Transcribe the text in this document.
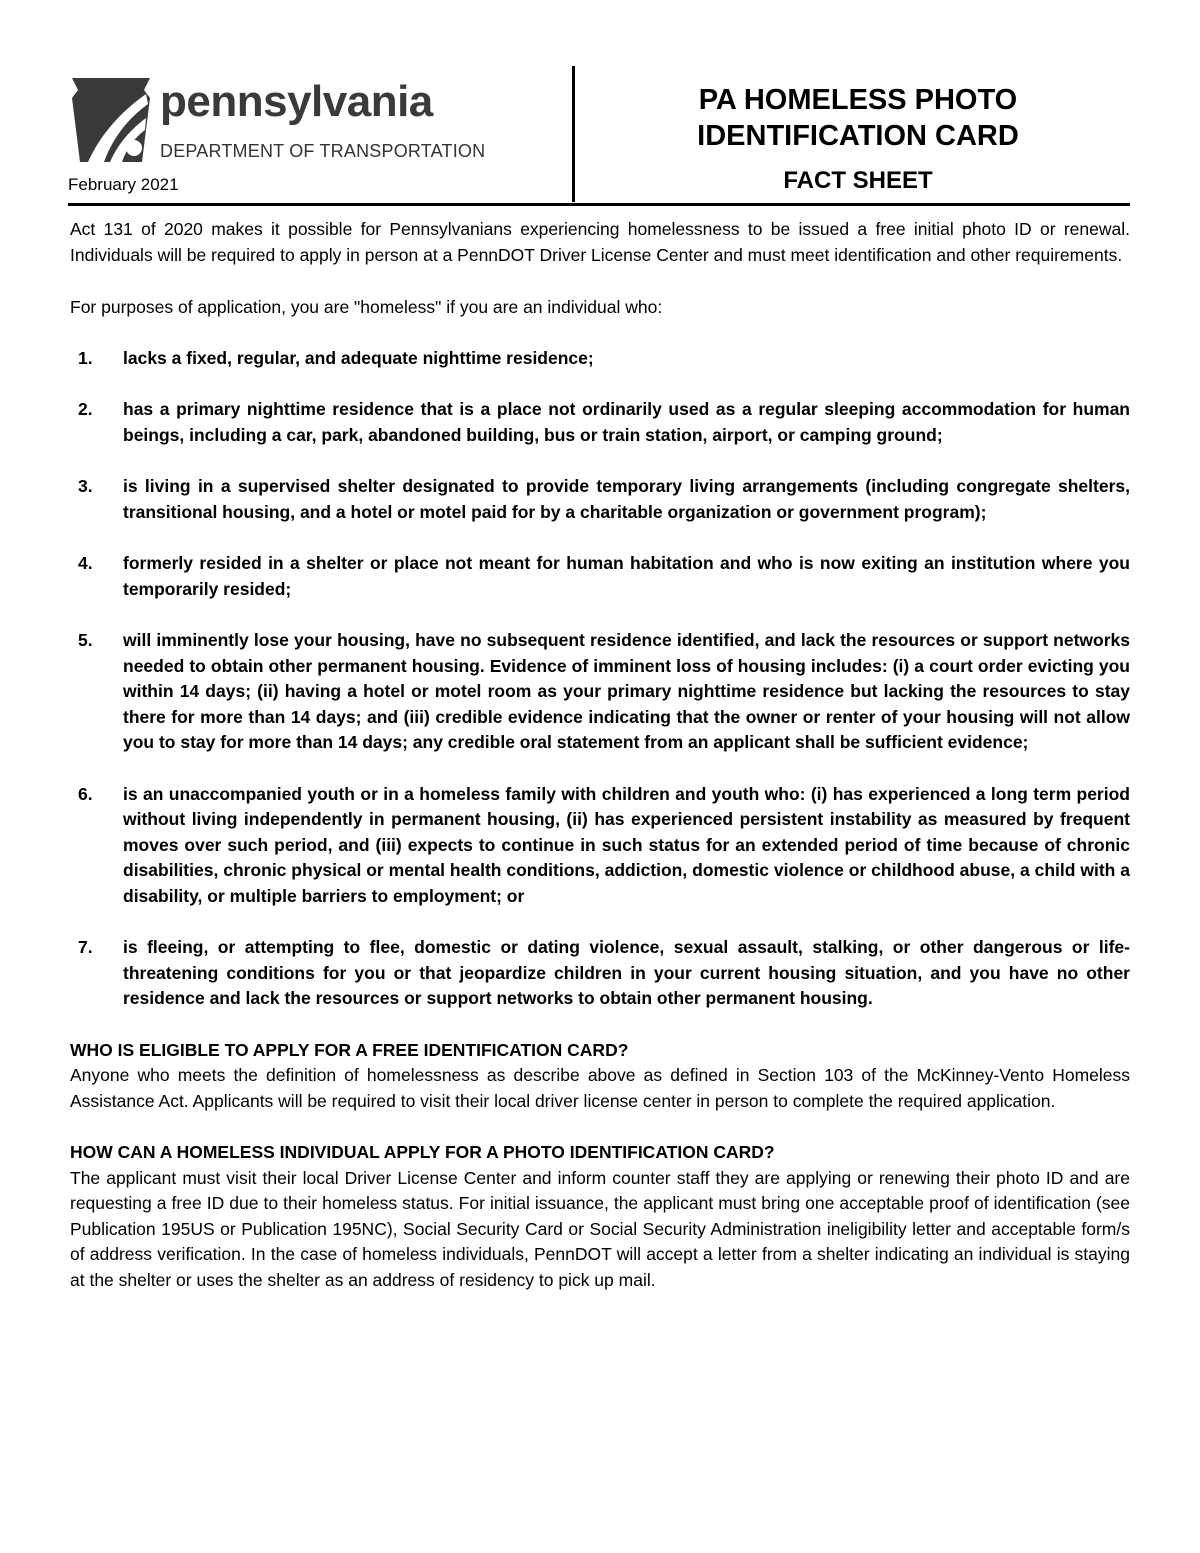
pennsylvania
DEPARTMENT OF TRANSPORTATION
February 2021
PA HOMELESS PHOTO
IDENTIFICATION CARD
FACT SHEET

Act 131 of 2020 makes it possible for Pennsylvanians experiencing homelessness to be issued a free initial photo ID or renewal. Individuals will be required to apply in person at a PennDOT Driver License Center and must meet identification and other requirements.

For purposes of application, you are "homeless" if you are an individual who:

1. lacks a fixed, regular, and adequate nighttime residence;
2. has a primary nighttime residence that is a place not ordinarily used as a regular sleeping accommodation for human beings, including a car, park, abandoned building, bus or train station, airport, or camping ground;
3. is living in a supervised shelter designated to provide temporary living arrangements (including congregate shelters, transitional housing, and a hotel or motel paid for by a charitable organization or government program);
4. formerly resided in a shelter or place not meant for human habitation and who is now exiting an institution where you temporarily resided;
5. will imminently lose your housing, have no subsequent residence identified, and lack the resources or support networks needed to obtain other permanent housing. Evidence of imminent loss of housing includes: (i) a court order evicting you within 14 days; (ii) having a hotel or motel room as your primary nighttime residence but lacking the resources to stay there for more than 14 days; and (iii) credible evidence indicating that the owner or renter of your housing will not allow you to stay for more than 14 days; any credible oral statement from an applicant shall be sufficient evidence;
6. is an unaccompanied youth or in a homeless family with children and youth who: (i) has experienced a long term period without living independently in permanent housing, (ii) has experienced persistent instability as measured by frequent moves over such period, and (iii) expects to continue in such status for an extended period of time because of chronic disabilities, chronic physical or mental health conditions, addiction, domestic violence or childhood abuse, a child with a disability, or multiple barriers to employment; or
7. is fleeing, or attempting to flee, domestic or dating violence, sexual assault, stalking, or other dangerous or life-threatening conditions for you or that jeopardize children in your current housing situation, and you have no other residence and lack the resources or support networks to obtain other permanent housing.
WHO IS ELIGIBLE TO APPLY FOR A FREE IDENTIFICATION CARD?

Anyone who meets the definition of homelessness as describe above as defined in Section 103 of the McKinney-Vento Homeless Assistance Act. Applicants will be required to visit their local driver license center in person to complete the required application.

HOW CAN A HOMELESS INDIVIDUAL APPLY FOR A PHOTO IDENTIFICATION CARD?

The applicant must visit their local Driver License Center and inform counter staff they are applying or renewing their photo ID and are requesting a free ID due to their homeless status. For initial issuance, the applicant must bring one acceptable proof of identification (see Publication 195US or Publication 195NC), Social Security Card or Social Security Administration ineligibility letter and acceptable form/s of address verification. In the case of homeless individuals, PennDOT will accept a letter from a shelter indicating an individual is staying at the shelter or uses the shelter as an address of residency to pick up mail.
